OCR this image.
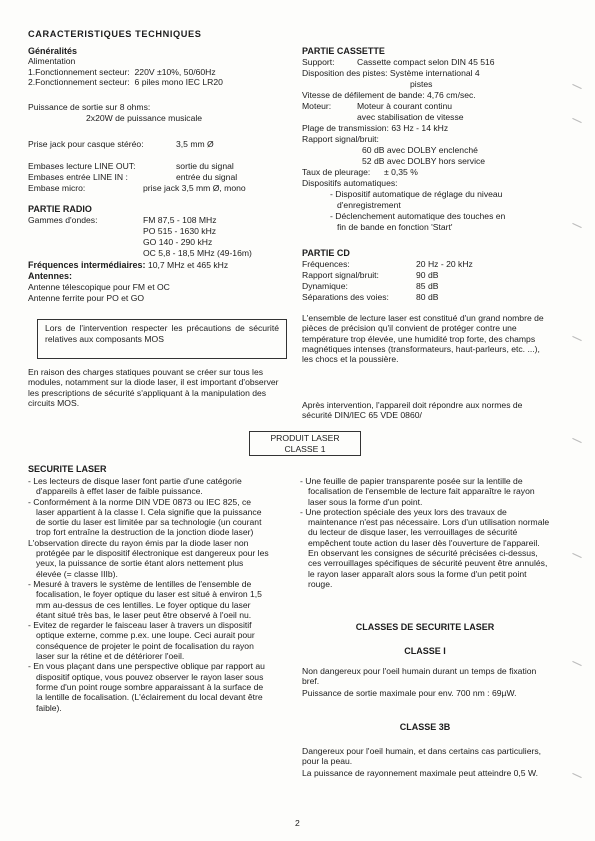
CARACTERISTIQUES TECHNIQUES
Généralités
Alimentation
1.Fonctionnement secteur: 220V ±10%, 50/60Hz
2.Fonctionnement secteur: 6 piles mono IEC LR20
Puissance de sortie sur 8 ohms:
2x20W de puissance musicale
Prise jack pour casque stéréo:	3,5 mm Ø
Embases lecture LINE OUT:	sortie du signal
Embases entrée LINE IN :	entrée du signal
Embase micro:	prise jack 3,5 mm Ø, mono
PARTIE RADIO
Gammes d'ondes:	FM 87,5 - 108 MHz
PO 515 - 1630 kHz
GO 140 - 290 kHz
OC 5,8 - 18,5 MHz (49-16m)
Fréquences intermédiaires: 10,7 MHz et 465 kHz
Antennes:
Antenne télescopique pour FM et OC
Antenne ferrite pour PO et GO
Lors de l'intervention respecter les précautions de sécurité relatives aux composants MOS
En raison des charges statiques pouvant se créer sur tous les modules, notamment sur la diode laser, il est important d'observer les prescriptions de sécurité s'appliquant à la manipulation des circuits MOS.
PARTIE CASSETTE
Support:	Cassette compact selon DIN 45 516
Disposition des pistes: Système international 4
pistes
Vitesse de défilement de bande: 4,76 cm/sec.
Moteur:	Moteur à courant continu
avec stabilisation de vitesse
Plage de transmission: 63 Hz - 14 kHz
Rapport signal/bruit:
60 dB avec DOLBY enclenché
52 dB avec DOLBY hors service
Taux de pleurage: ± 0,35 %
Dispositifs automatiques:
- Dispositif automatique de réglage du niveau
d'enregistrement
- Déclenchement automatique des touches en
fin de bande en fonction 'Start'
PARTIE CD
Fréquences:	20 Hz - 20 kHz
Rapport signal/bruit:	90 dB
Dynamique:	85 dB
Séparations des voies:	80 dB
L'ensemble de lecture laser est constitué d'un grand nombre de pièces de précision qu'il convient de protéger contre une température trop élevée, une humidité trop forte, des champs magnétiques intenses (transformateurs, haut-parleurs, etc. ...), les chocs et la poussière.
Après intervention, l'appareil doit répondre aux normes de sécurité DIN/IEC 65 VDE 0860/
PRODUIT LASER
CLASSE 1
SECURITE LASER
- Les lecteurs de disque laser font partie d'une catégorie d'appareils à effet laser de faible puissance.
- Conformément à la norme DIN VDE 0873 ou IEC 825, ce laser appartient à la classe I. Cela signifie que la puissance de sortie du laser est limitée par sa technologie (un courant trop fort entraîne la destruction de la jonction diode laser)
L'observation directe du rayon émis par la diode laser non protégée par le dispositif électronique est dangereux pour les yeux, la puissance de sortie étant alors nettement plus élevée (= classe IIIb).
- Mesuré à travers le système de lentilles de l'ensemble de focalisation, le foyer optique du laser est situé à environ 1,5 mm au-dessus de ces lentilles. Le foyer optique du laser étant situé très bas, le laser peut être observé à l'oeil nu.
- Evitez de regarder le faisceau laser à travers un dispositif optique externe, comme p.ex. une loupe. Ceci aurait pour conséquence de projeter le point de focalisation du rayon laser sur la rétine et de détériorer l'oeil.
- En vous plaçant dans une perspective oblique par rapport au dispositif optique, vous pouvez observer le rayon laser sous forme d'un point rouge sombre apparaissant à la surface de la lentille de focalisation. (L'éclairement du local devant être faible).
- Une feuille de papier transparente posée sur la lentille de focalisation de l'ensemble de lecture fait apparaître le rayon laser sous la forme d'un point.
- Une protection spéciale des yeux lors des travaux de maintenance n'est pas nécessaire. Lors d'un utilisation normale du lecteur de disque laser, les verrouillages de sécurité empêchent toute action du laser dès l'ouverture de l'appareil. En observant les consignes de sécurité précisées ci-dessus, ces verrouillages spécifiques de sécurité peuvent être annulés, le rayon laser apparaît alors sous la forme d'un petit point rouge.
CLASSES DE SECURITE LASER
CLASSE I
Non dangereux pour l'oeil humain durant un temps de fixation bref.
Puissance de sortie maximale pour env. 700 nm : 69µW.
CLASSE 3B
Dangereux pour l'oeil humain, et dans certains cas particuliers, pour la peau.
La puissance de rayonnement maximale peut atteindre 0,5 W.
2
